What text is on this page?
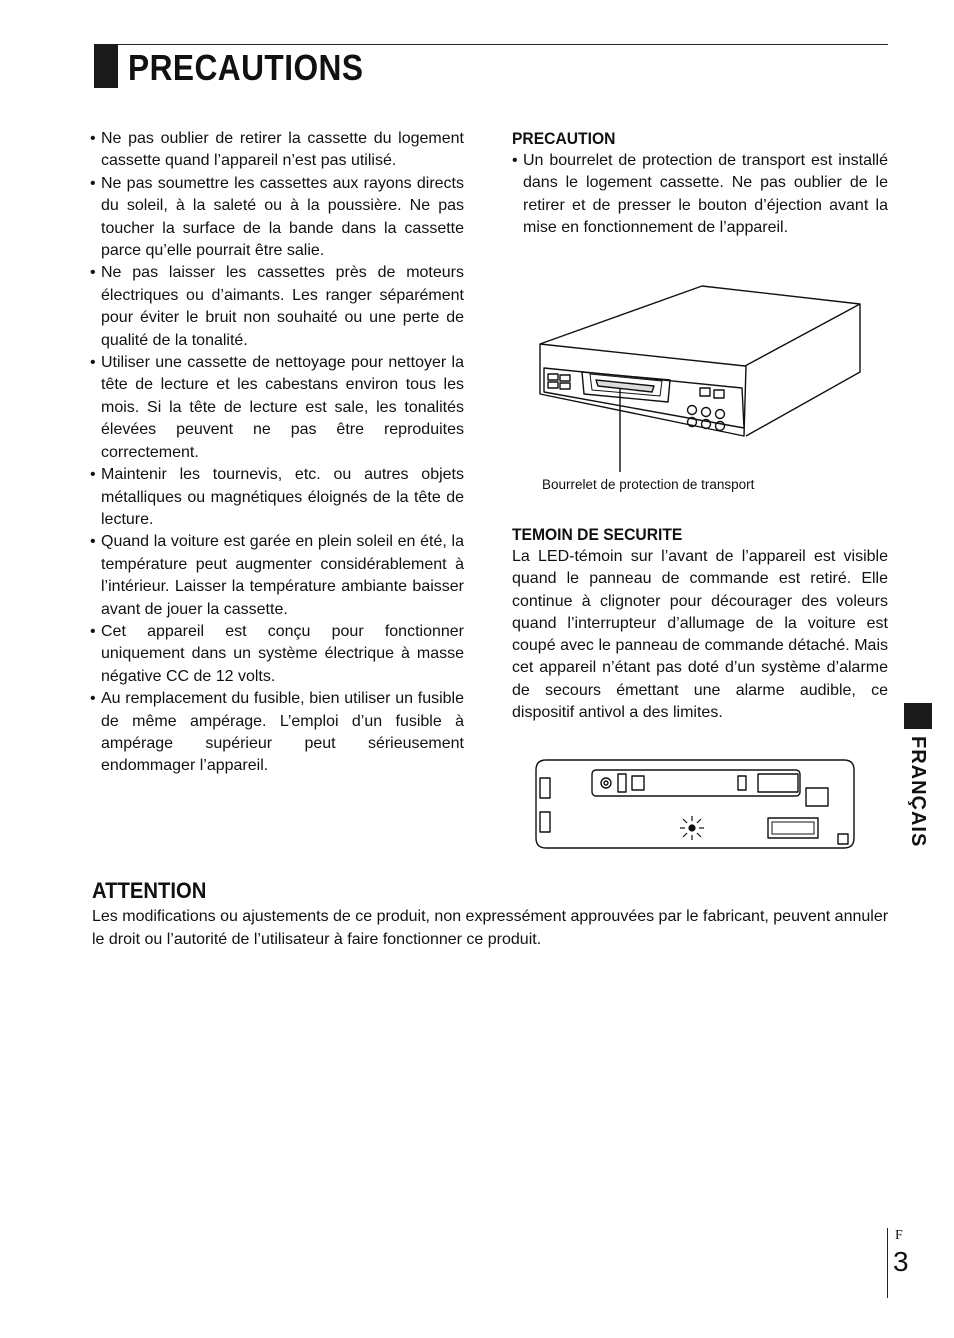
PRECAUTIONS
• Ne pas oublier de retirer la cassette du logement cassette quand l’appareil n’est pas utilisé.
• Ne pas soumettre les cassettes aux rayons directs du soleil, à la saleté ou à la poussière. Ne pas toucher la surface de la bande dans la cassette parce qu’elle pourrait être salie.
• Ne pas laisser les cassettes près de moteurs électriques ou d’aimants. Les ranger séparément pour éviter le bruit non souhaité ou une perte de qualité de la tonalité.
• Utiliser une cassette de nettoyage pour nettoyer la tête de lecture et les cabestans environ tous les mois. Si la tête de lecture est sale, les tonalités élevées peuvent ne pas être reproduites correctement.
• Maintenir les tournevis, etc. ou autres objets métalliques ou magnétiques éloignés de la tête de lecture.
• Quand la voiture est garée en plein soleil en été, la température peut augmenter considérablement à l’intérieur. Laisser la température ambiante baisser avant de jouer la cassette.
• Cet appareil est conçu pour fonctionner uniquement dans un système électrique à masse négative CC de 12 volts.
• Au remplacement du fusible, bien utiliser un fusible de même ampérage. L’emploi d’un fusible à ampérage supérieur peut sérieusement endommager l’appareil.
PRECAUTION
• Un bourrelet de protection de transport est installé dans le logement cassette. Ne pas oublier de le retirer et de presser le bouton d’éjection avant la mise en fonctionnement de l’appareil.
Bourrelet de protection de transport
TEMOIN DE SECURITE

La LED-témoin sur l’avant de l’appareil est visible quand le panneau de commande est retiré. Elle continue à clignoter pour décourager des voleurs quand l’interrupteur d’allumage de la voiture est coupé avec le panneau de commande détaché. Mais cet appareil n’étant pas doté d’un système d’alarme de secours émettant une alarme audible, ce dispositif antivol a des limites.

FRANÇAIS
ATTENTION

Les modifications ou ajustements de ce produit, non expressément approuvées par le fabricant, peuvent annuler le droit ou l’autorité de l’utilisateur à faire fonctionner ce produit.

F
3
